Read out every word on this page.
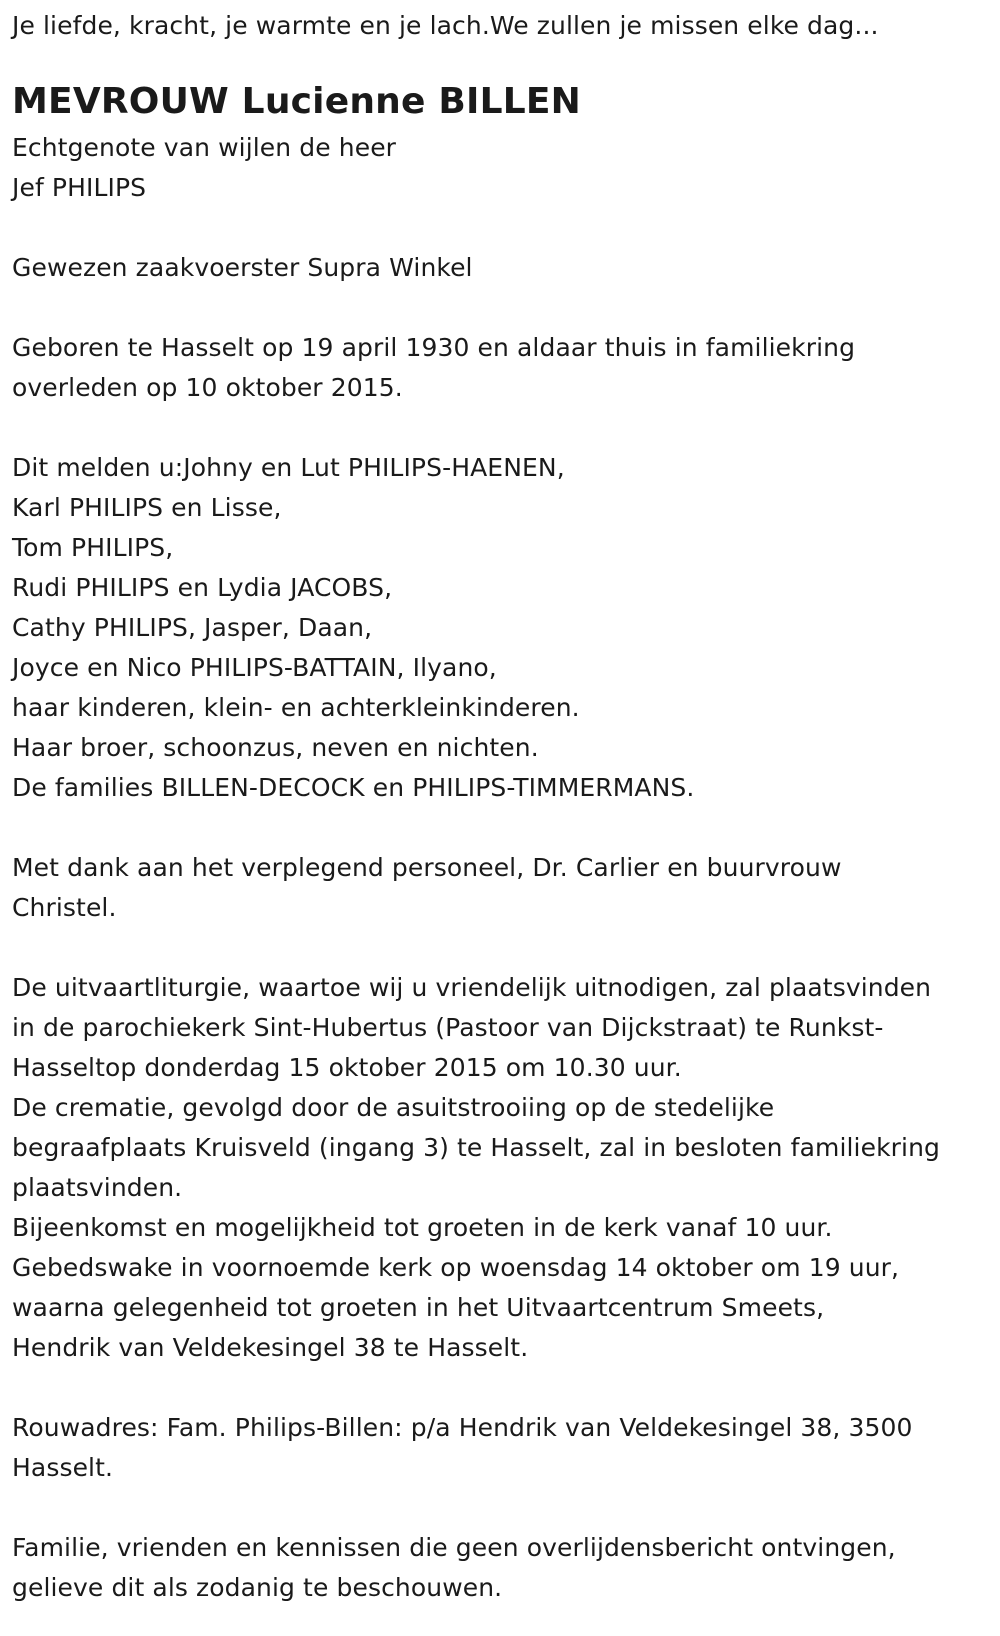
Je liefde, kracht, je warmte en je lach.We zullen je missen elke dag...
MEVROUW Lucienne BILLEN
Echtgenote van wijlen de heer
Jef PHILIPS
Gewezen zaakvoerster Supra Winkel
Geboren te Hasselt op 19 april 1930 en aldaar thuis in familiekring
overleden op 10 oktober 2015.
Dit melden u:Johny en Lut PHILIPS-HAENEN,
Karl PHILIPS en Lisse,
Tom PHILIPS,
Rudi PHILIPS en Lydia JACOBS,
Cathy PHILIPS, Jasper, Daan,
Joyce en Nico PHILIPS-BATTAIN, Ilyano,
haar kinderen, klein- en achterkleinkinderen.
Haar broer, schoonzus, neven en nichten.
De families BILLEN-DECOCK en PHILIPS-TIMMERMANS.
Met dank aan het verplegend personeel, Dr. Carlier en buurvrouw
Christel.
De uitvaartliturgie, waartoe wij u vriendelijk uitnodigen, zal plaatsvinden
in de parochiekerk Sint-Hubertus (Pastoor van Dijckstraat) te Runkst-
Hasseltop donderdag 15 oktober 2015 om 10.30 uur.
De crematie, gevolgd door de asuitstrooiing op de stedelijke
begraafplaats Kruisveld (ingang 3) te Hasselt, zal in besloten familiekring
plaatsvinden.
Bijeenkomst en mogelijkheid tot groeten in de kerk vanaf 10 uur.
Gebedswake in voornoemde kerk op woensdag 14 oktober om 19 uur,
waarna gelegenheid tot groeten in het Uitvaartcentrum Smeets,
Hendrik van Veldekesingel 38 te Hasselt.
Rouwadres: Fam. Philips-Billen: p/a Hendrik van Veldekesingel 38, 3500
Hasselt.
Familie, vrienden en kennissen die geen overlijdensbericht ontvingen,
gelieve dit als zodanig te beschouwen.
